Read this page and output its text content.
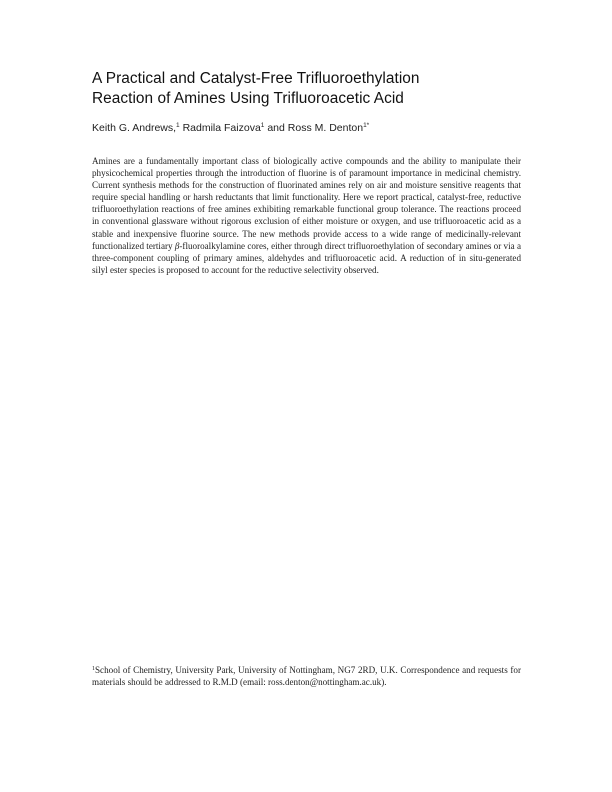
A Practical and Catalyst-Free Trifluoroethylation
Reaction of Amines Using Trifluoroacetic Acid
Keith G. Andrews,$^1$ Radmila Faizova$^1$ and Ross M. Denton$^{1*}$

Amines are a fundamentally important class of biologically active compounds and the ability to manipulate their physicochemical properties through the introduction of fluorine is of paramount importance in medicinal chemistry. Current synthesis methods for the construction of fluorinated amines rely on air and moisture sensitive reagents that require special handling or harsh reductants that limit functionality. Here we report practical, catalyst-free, reductive trifluoroethylation reactions of free amines exhibiting remarkable functional group tolerance. The reactions proceed in conventional glassware without rigorous exclusion of either moisture or oxygen, and use trifluoroacetic acid as a stable and inexpensive fluorine source. The new methods provide access to a wide range of medicinally-relevant functionalized tertiary β-fluoroalkylamine cores, either through direct trifluoroethylation of secondary amines or via a three-component coupling of primary amines, aldehydes and trifluoroacetic acid. A reduction of in situ-generated silyl ester species is proposed to account for the reductive selectivity observed.

$^1$School of Chemistry, University Park, University of Nottingham, NG7 2RD, U.K. Correspondence and requests for materials should be addressed to R.M.D (email: ross.denton@nottingham.ac.uk).
